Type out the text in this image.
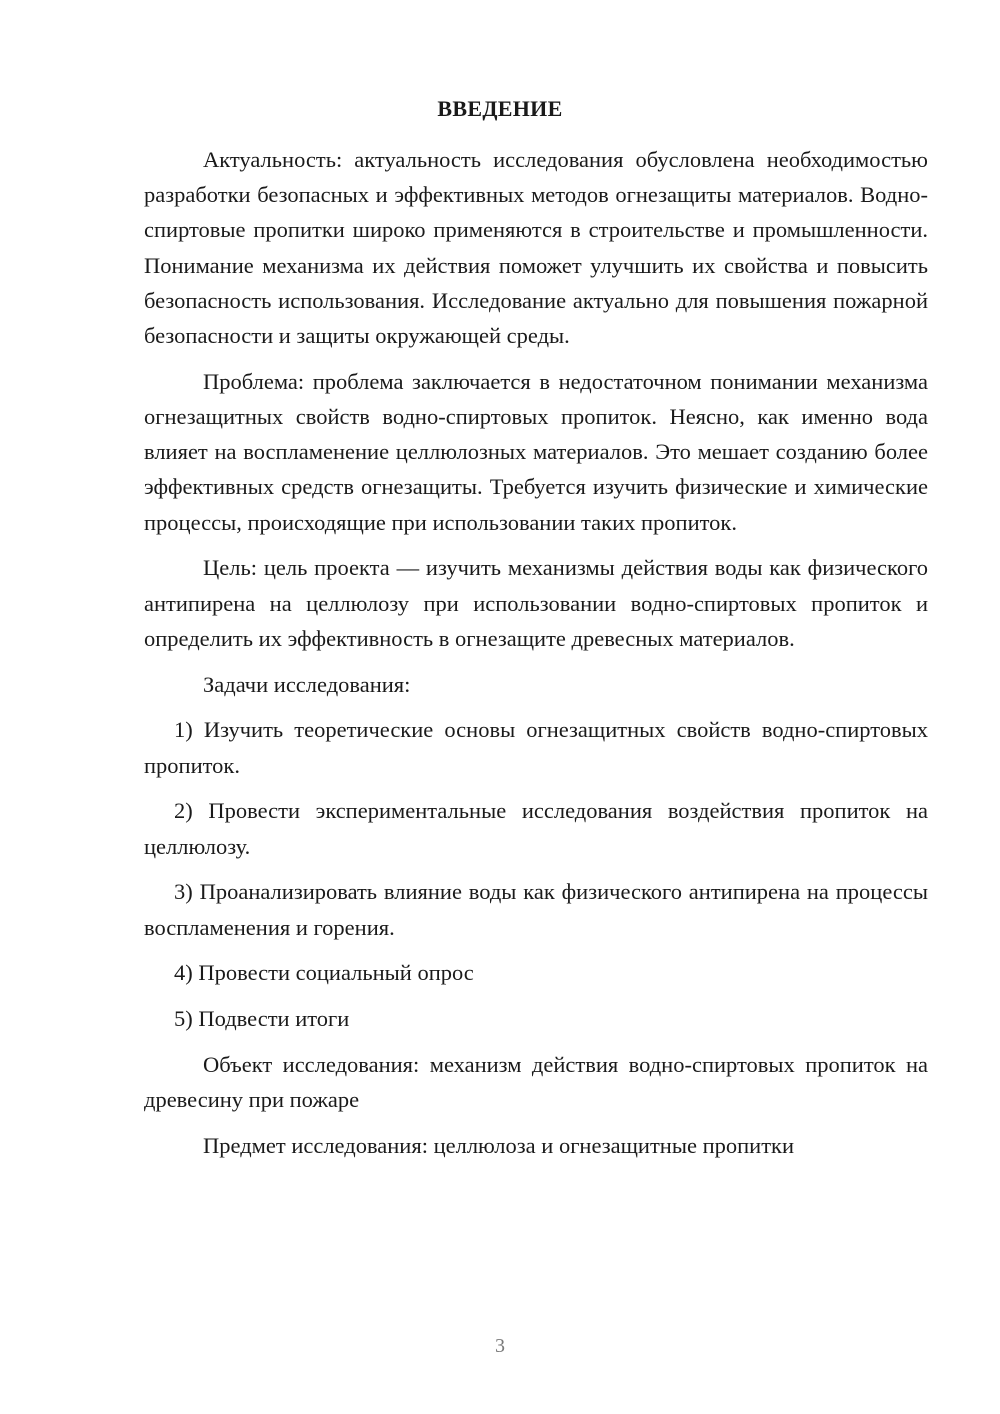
ВВЕДЕНИЕ

Актуальность: актуальность исследования обусловлена необходимостью разработки безопасных и эффективных методов огнезащиты материалов. Водно-спиртовые пропитки широко применяются в строительстве и промышленности. Понимание механизма их действия поможет улучшить их свойства и повысить безопасность использования. Исследование актуально для повышения пожарной безопасности и защиты окружающей среды.

Проблема: проблема заключается в недостаточном понимании механизма огнезащитных свойств водно-спиртовых пропиток. Неясно, как именно вода влияет на воспламенение целлюлозных материалов. Это мешает созданию более эффективных средств огнезащиты. Требуется изучить физические и химические процессы, происходящие при использовании таких пропиток.

Цель: цель проекта — изучить механизмы действия воды как физического антипирена на целлюлозу при использовании водно-спиртовых пропиток и определить их эффективность в огнезащите древесных материалов.

Задачи исследования:

1) Изучить теоретические основы огнезащитных свойств водно-спиртовых пропиток.

2) Провести экспериментальные исследования воздействия пропиток на целлюлозу.

3) Проанализировать влияние воды как физического антипирена на процессы воспламенения и горения.

4) Провести социальный опрос

5) Подвести итоги

Объект исследования: механизм действия водно-спиртовых пропиток на древесину при пожаре

Предмет исследования: целлюлоза и огнезащитные пропитки

3
